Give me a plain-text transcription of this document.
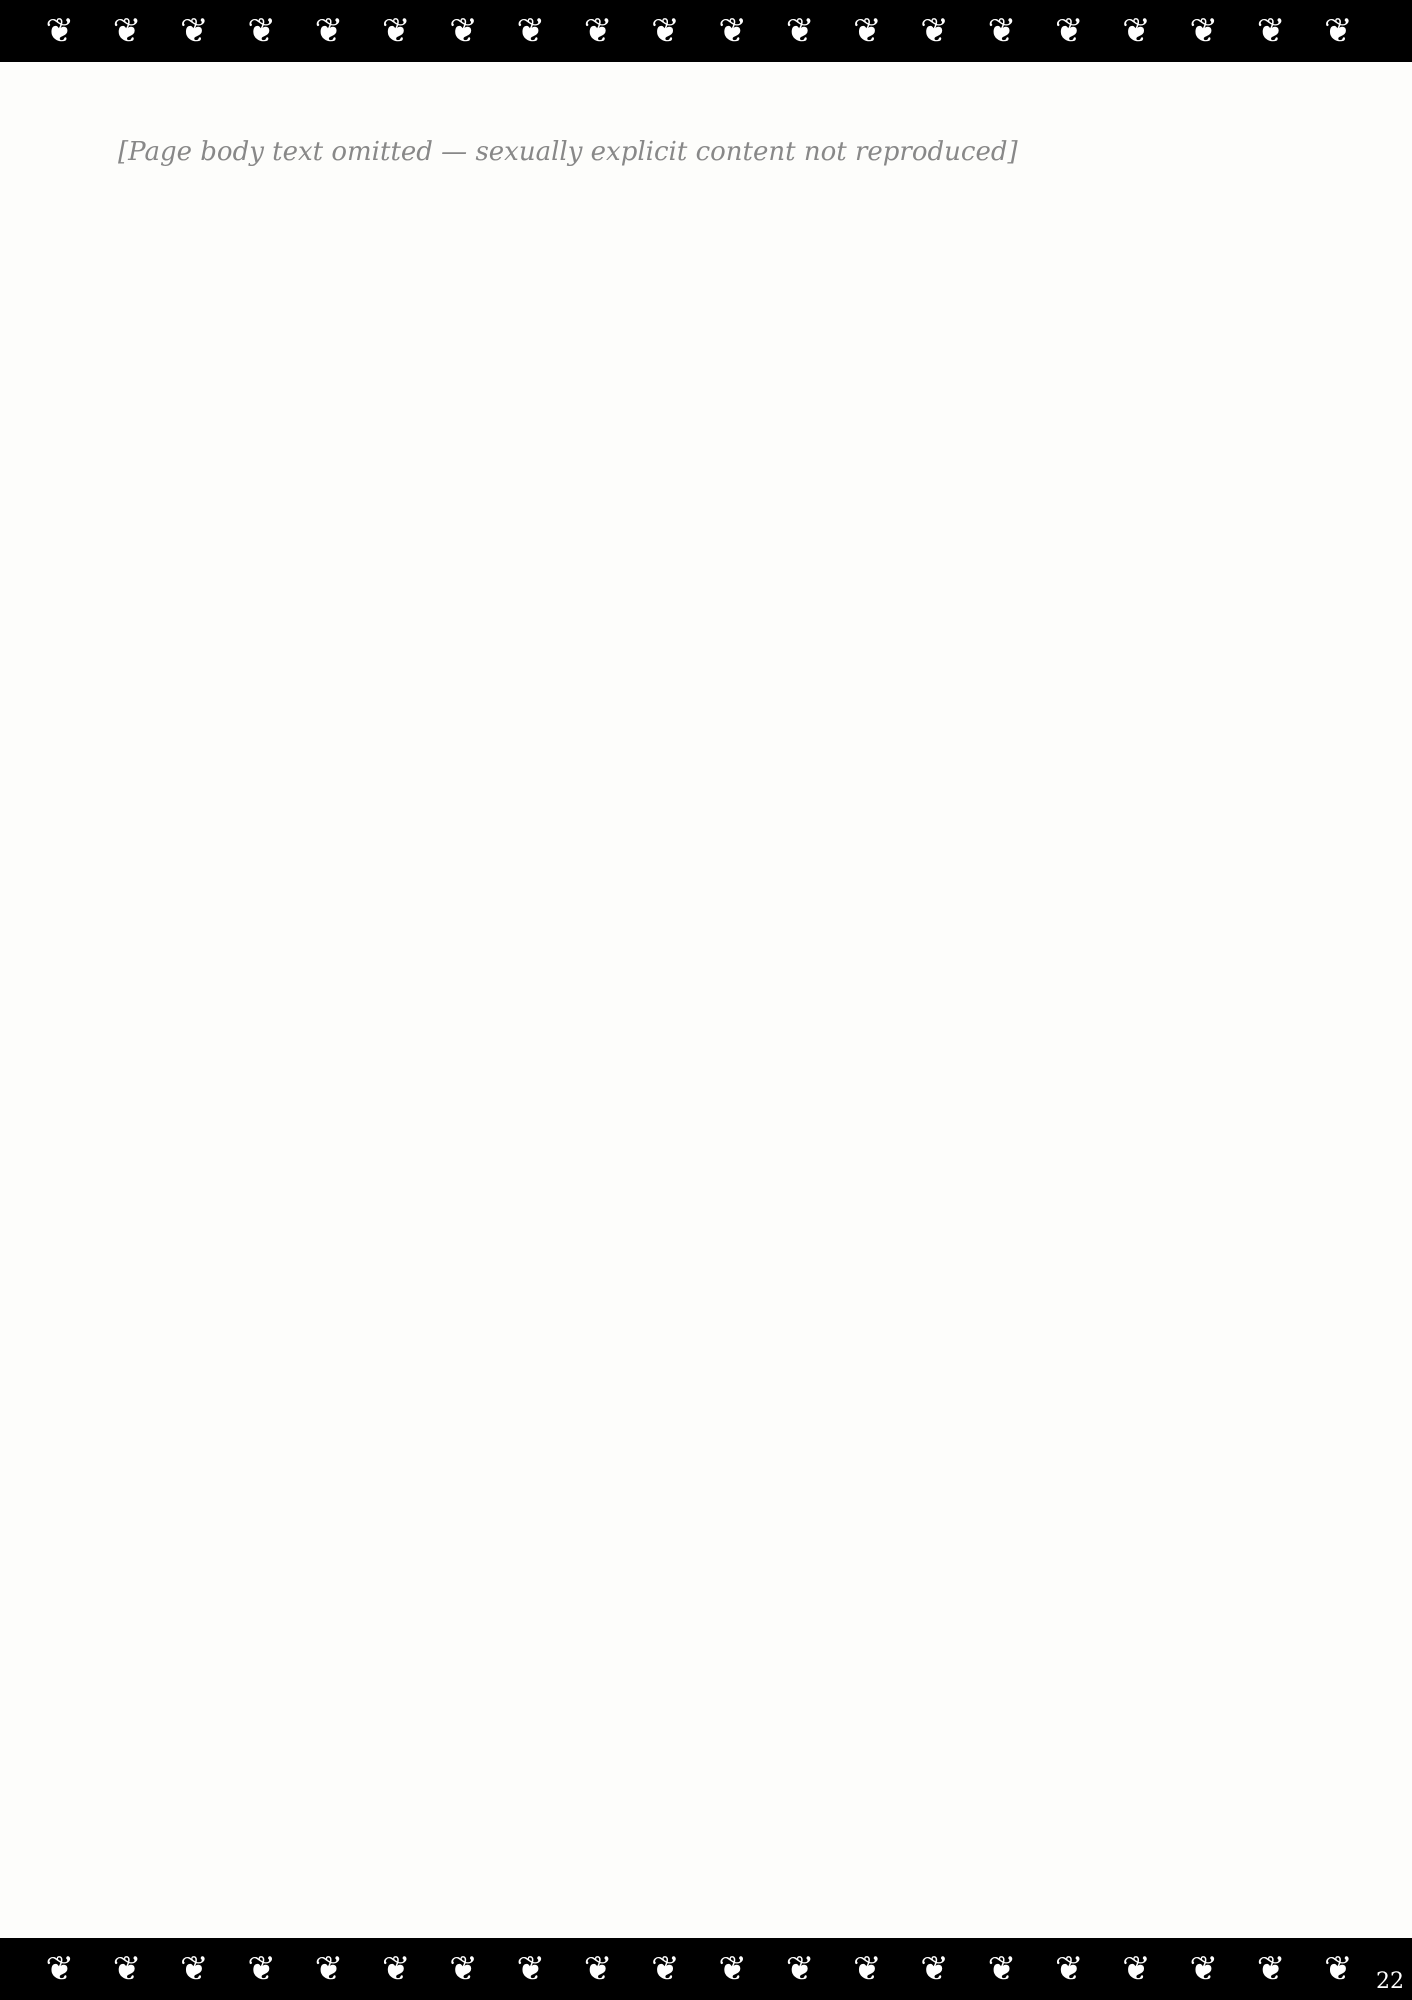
❦ ❦ ❦ ❦ ❦ ❦ ❦ ❦ ❦ ❦ ❦ ❦ ❦ ❦ ❦ ❦ ❦ ❦ ❦ ❦

[Page body text omitted — sexually explicit content not reproduced]

❦ ❦ ❦ ❦ ❦ ❦ ❦ ❦ ❦ ❦ ❦ ❦ ❦ ❦ ❦ ❦ ❦ ❦ ❦ ❦ 22
